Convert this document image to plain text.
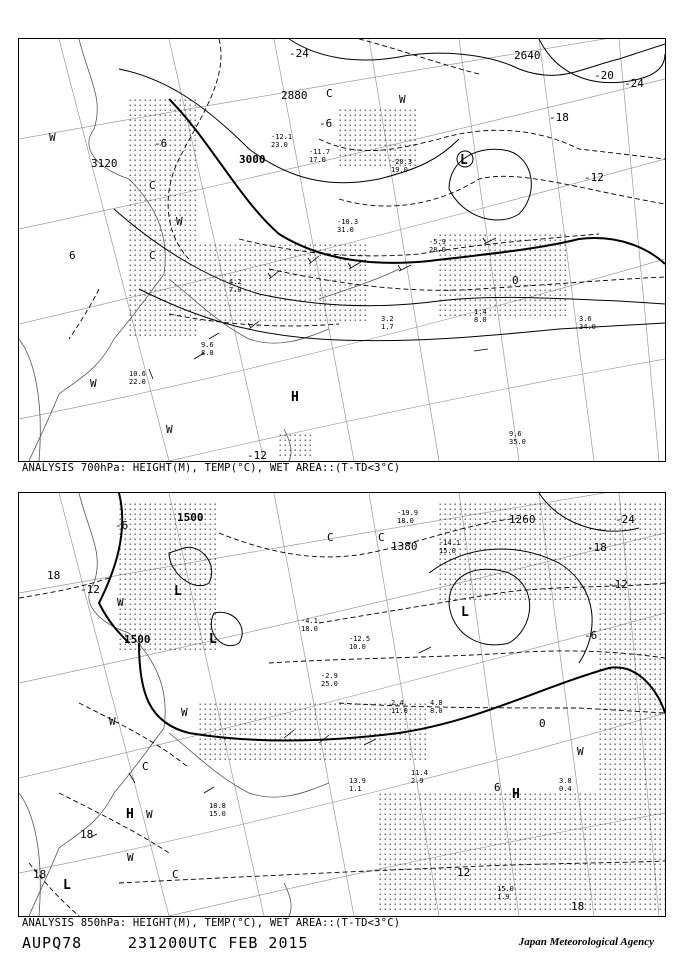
2640
2880
3000
3120
-24
-24
-20
-18
-12
-12
-6
-6
0
6
L
H
W
W
W
W
W
C
C
C
-12.1
23.0
-11.7
17.0	-20.3
19.0
-10.3
31.0
-5.9
28.0
4.2
7.0
3.2
1.7
1.4
8.0	3.6
34.0
9.6
8.0
10.6
22.0
9.6
35.0
ANALYSIS 700hPa: HEIGHT(M), TEMP(°C), WET AREA::(T-TD<3°C)
1500
1500
1380
1260	-24
-18
-12	-12
-6
-6
0
6
12
18
18
18
18
L
L
L
L
H
H
W
W
W
W
W
W
C	C
C
C
-19.9
18.0
-14.1
15.0
-4.1
18.0
-12.5
10.0
-2.9
25.0
2.4
11.0
4.8
8.0
11.4
2.9
13.9
1.1
18.8
15.0
3.8
0.4
15.0
1.9
ANALYSIS 850hPa: HEIGHT(M), TEMP(°C), WET AREA::(T-TD<3°C)
AUPQ78	231200UTC FEB 2015	Japan Meteorological Agency
